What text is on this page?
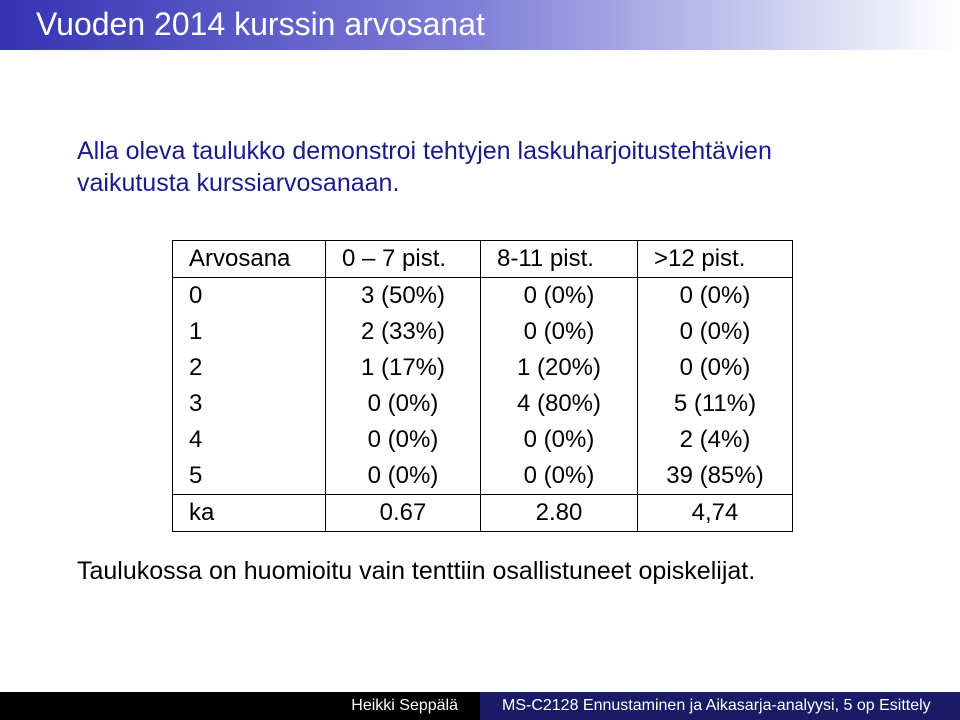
Vuoden 2014 kurssin arvosanat
Alla oleva taulukko demonstroi tehtyjen laskuharjoitustehtävien
vaikutusta kurssiarvosanaan.
Arvosana	0 – 7 pist.	8-11 pist.	>12 pist.
0	3 (50%)	0 (0%)	0 (0%)
1	2 (33%)	0 (0%)	0 (0%)
2	1 (17%)	1 (20%)	0 (0%)
3	0 (0%)	4 (80%)	5 (11%)
4	0 (0%)	0 (0%)	2 (4%)
5	0 (0%)	0 (0%)	39 (85%)
ka	0.67	2.80	4,74
Taulukossa on huomioitu vain tenttiin osallistuneet opiskelijat.
Heikki Seppälä	MS-C2128 Ennustaminen ja Aikasarja-analyysi, 5 op Esittely
